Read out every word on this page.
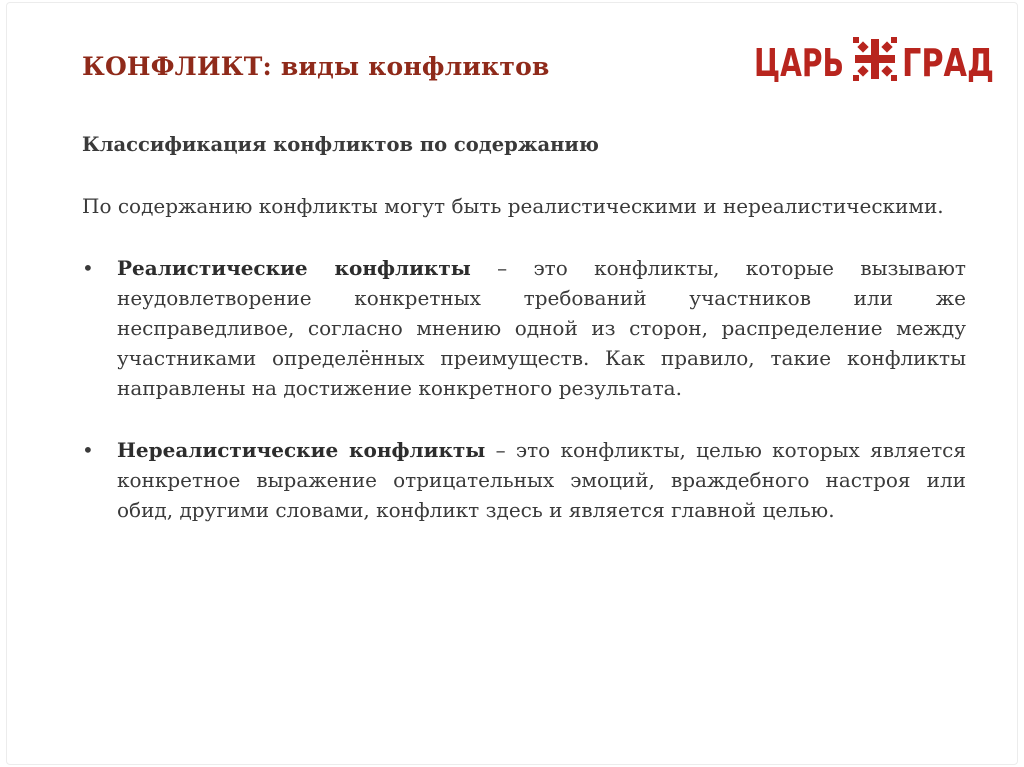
КОНФЛИКТ: виды конфликтов	ЦАРЬ ГРАД

Классификация конфликтов по содержанию

По содержанию конфликты могут быть реалистическими и нереалистическими.

• Реалистические конфликты – это конфликты, которые вызывают неудовлетворение конкретных требований участников или же несправедливое, согласно мнению одной из сторон, распределение между участниками определённых преимуществ. Как правило, такие конфликты направлены на достижение конкретного результата.
• Нереалистические конфликты – это конфликты, целью которых является конкретное выражение отрицательных эмоций, враждебного настроя или обид, другими словами, конфликт здесь и является главной целью.
